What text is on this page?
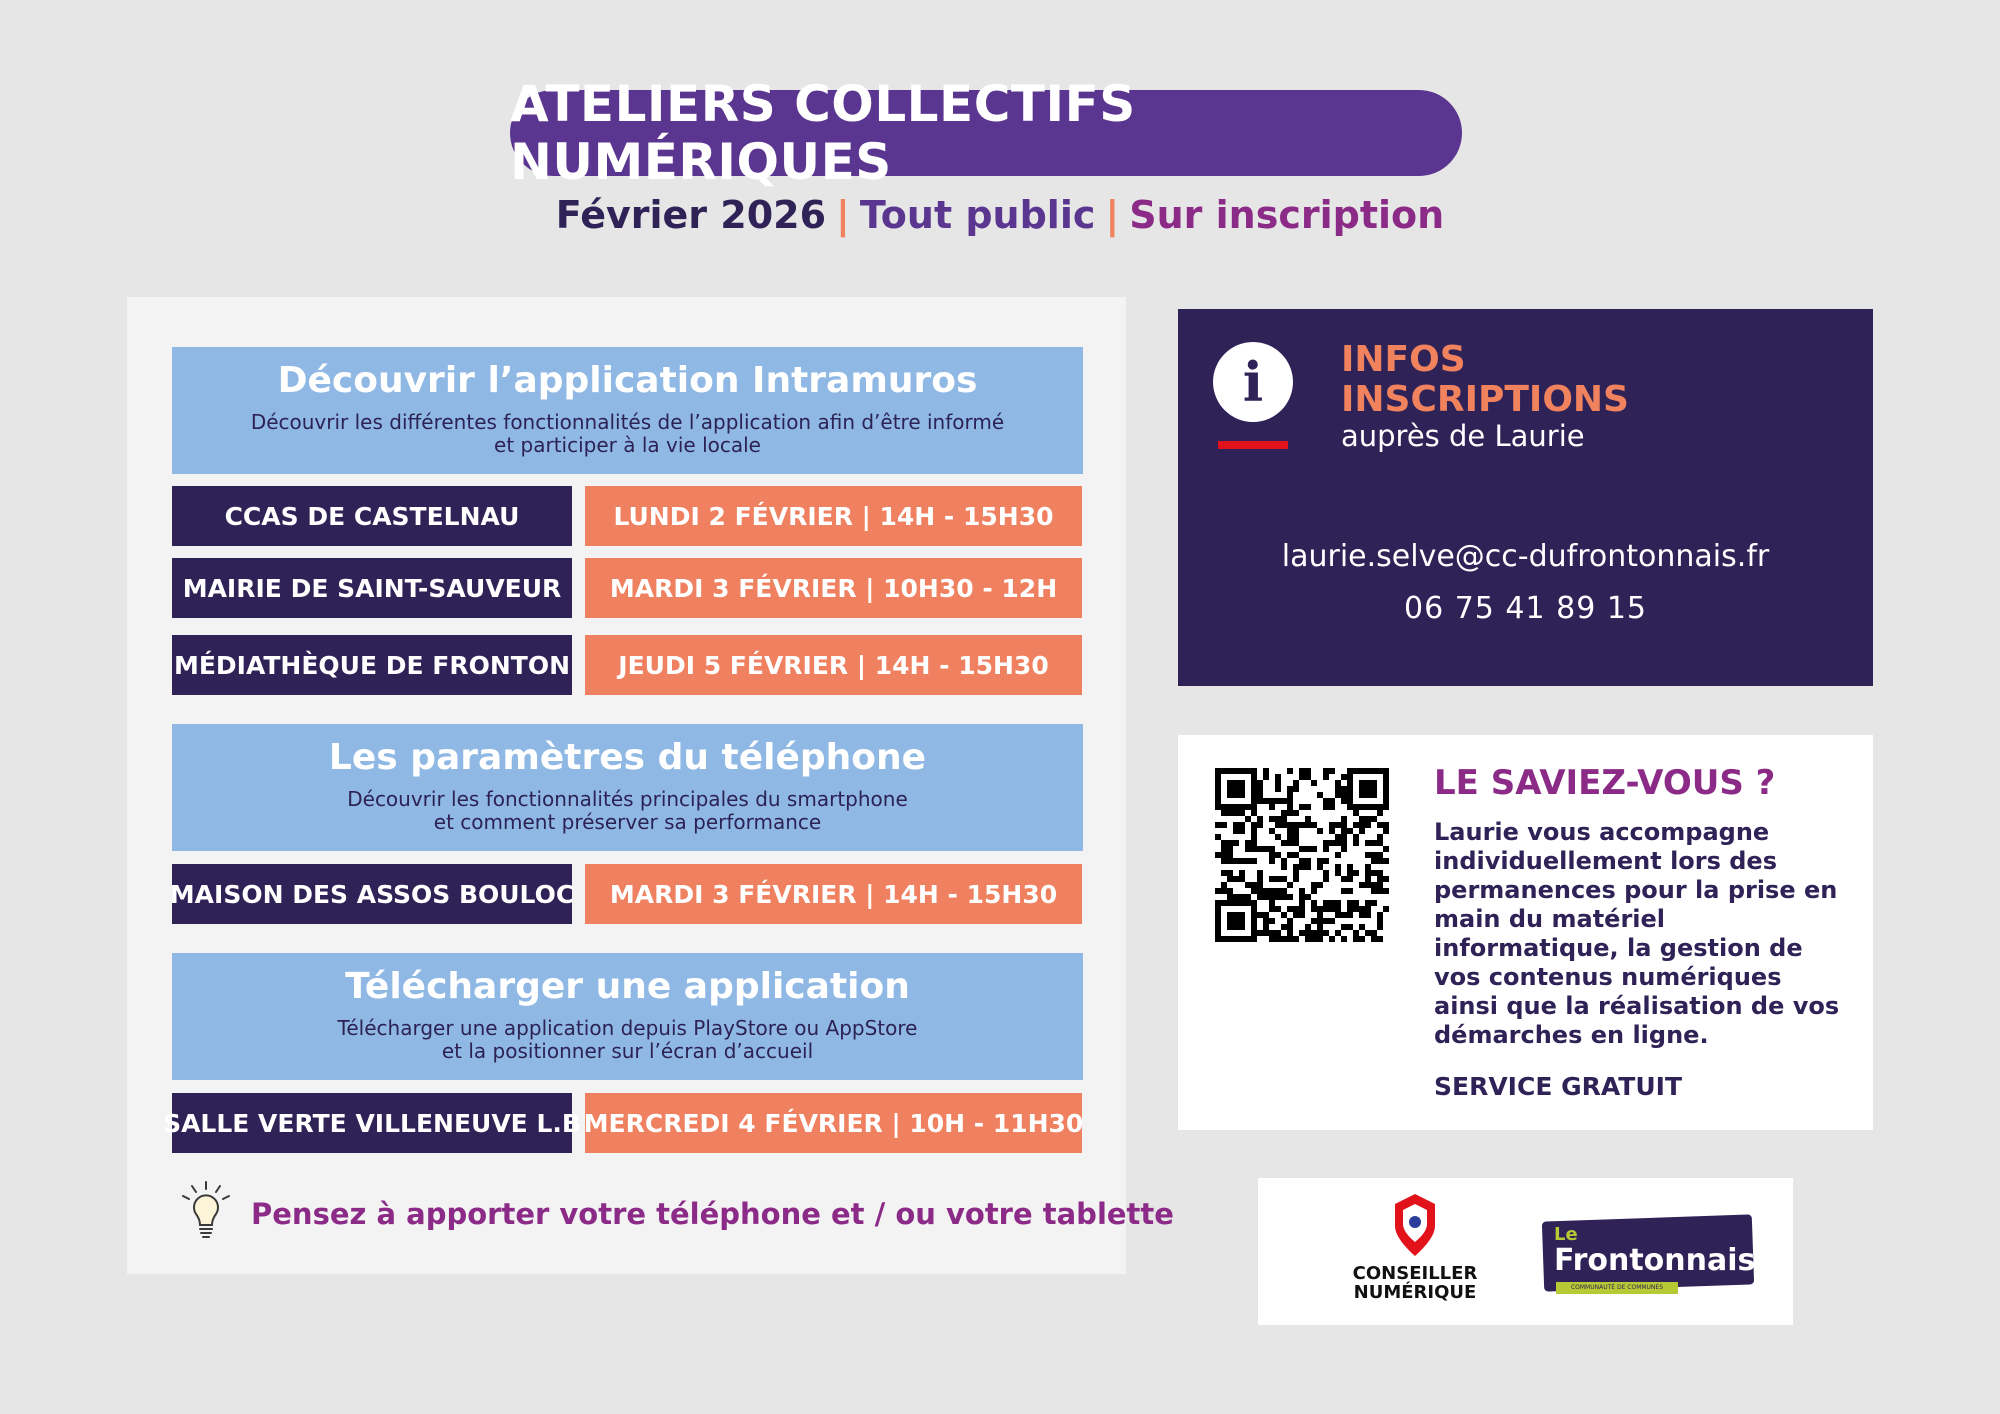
ATELIERS COLLECTIFS NUMÉRIQUES
Février 2026 | Tout public | Sur inscription
Découvrir l’application Intramuros
Découvrir les différentes fonctionnalités de l’application afin d’être informé
et participer à la vie locale
CCAS DE CASTELNAU	LUNDI 2 FÉVRIER | 14H - 15H30
MAIRIE DE SAINT-SAUVEUR	MARDI 3 FÉVRIER | 10H30 - 12H
MÉDIATHÈQUE DE FRONTON	JEUDI 5 FÉVRIER | 14H - 15H30
Les paramètres du téléphone
Découvrir les fonctionnalités principales du smartphone
et comment préserver sa performance
MAISON DES ASSOS BOULOC	MARDI 3 FÉVRIER | 14H - 15H30
Télécharger une application
Télécharger une application depuis PlayStore ou AppStore
et la positionner sur l’écran d’accueil
SALLE VERTE VILLENEUVE L.B MERCREDI 4 FÉVRIER | 10H - 11H30
Pensez à apporter votre téléphone et / ou votre tablette
i	INFOS
INSCRIPTIONS
auprès de Laurie
laurie.selve@cc-dufrontonnais.fr
06 75 41 89 15
LE SAVIEZ-VOUS ?
Laurie vous accompagne individuellement lors des permanences pour la prise en main du matériel informatique, la gestion de vos contenus numériques ainsi que la réalisation de vos démarches en ligne.
SERVICE GRATUIT
CONSEILLER
NUMÉRIQUE
Le
Frontonnais
COMMUNAUTÉ DE COMMUNES
